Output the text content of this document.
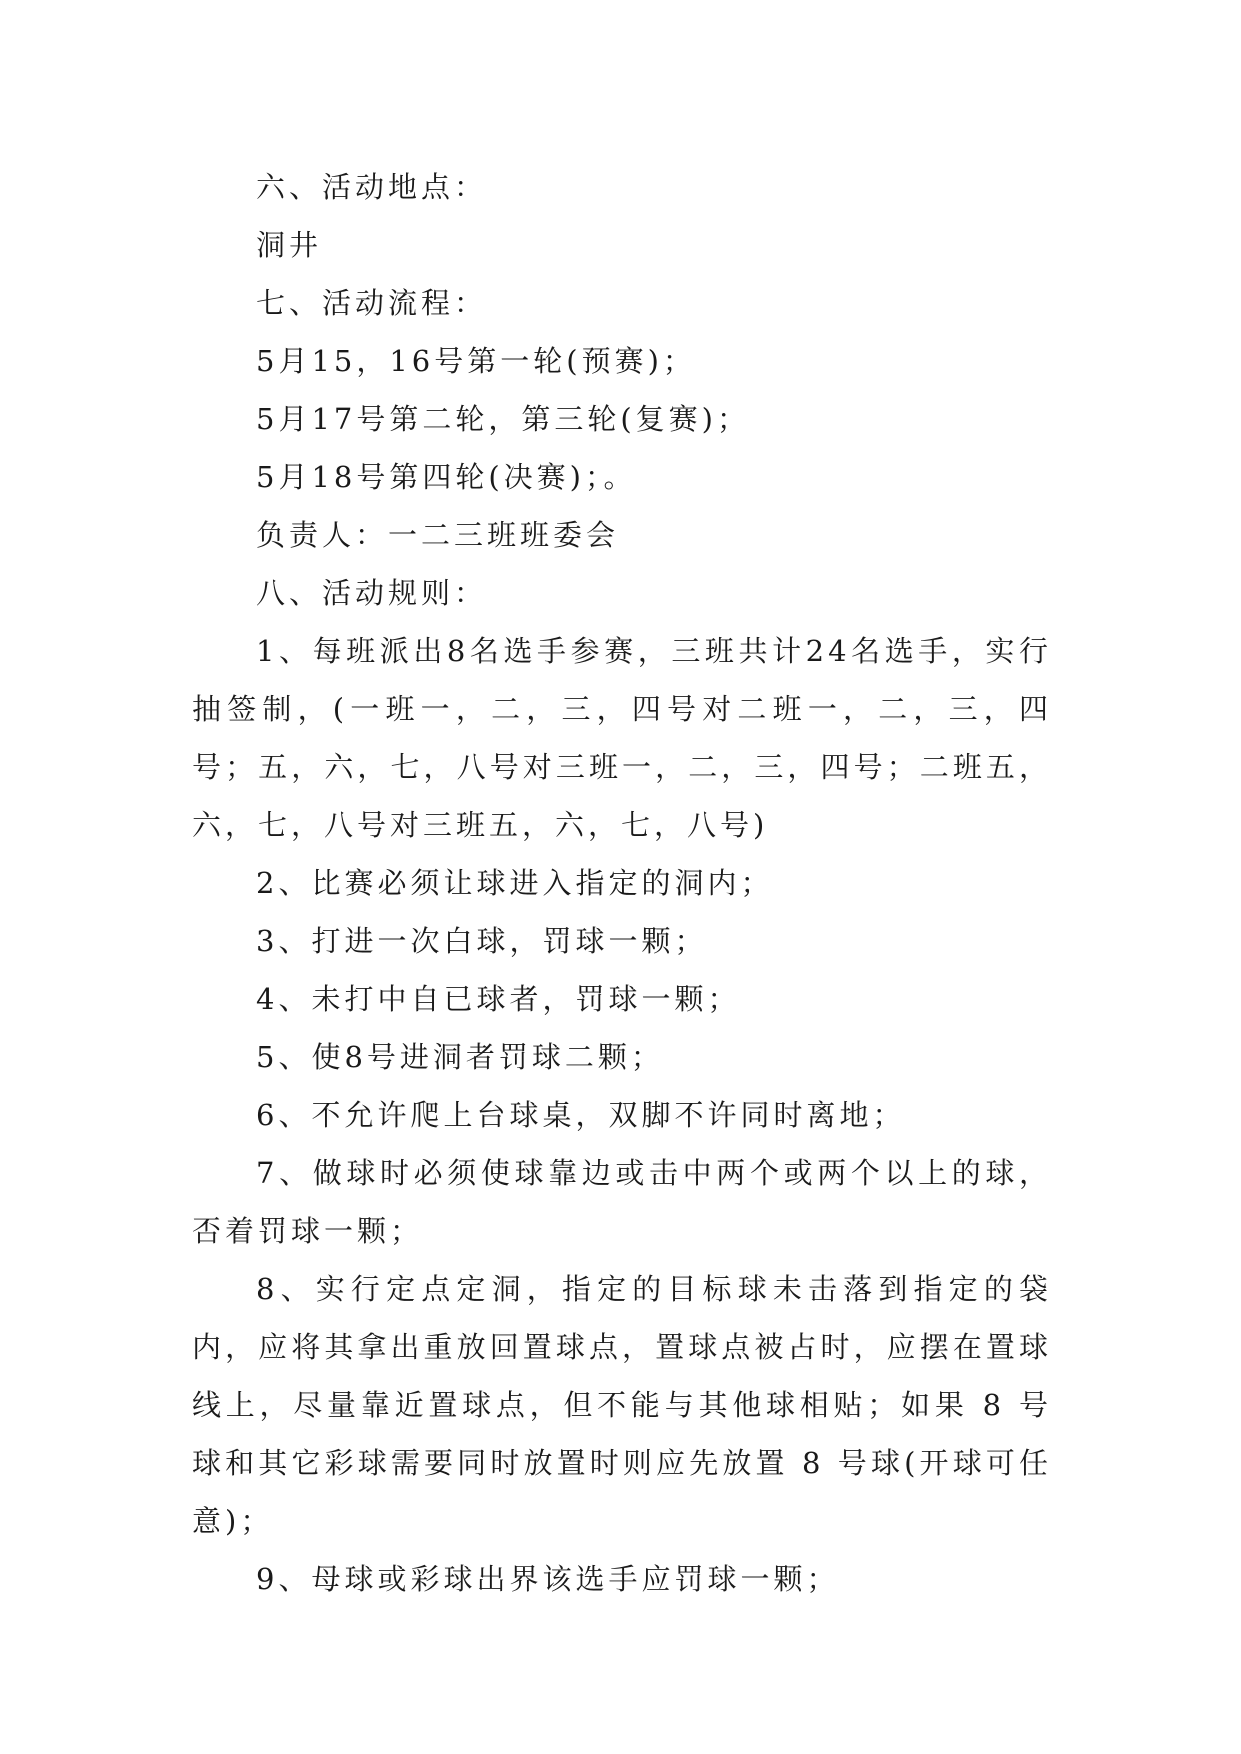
六、活动地点：

洞井

七、活动流程：

5月15，16号第一轮(预赛)；

5月17号第二轮，第三轮(复赛)；

5月18号第四轮(决赛)；。

负责人：一二三班班委会

八、活动规则：

1、每班派出8名选手参赛，三班共计24名选手，实行抽签制，(一班一，二，三，四号对二班一，二，三，四号；五，六，七，八号对三班一，二，三，四号；二班五，六，七，八号对三班五，六，七，八号)

2、比赛必须让球进入指定的洞内；

3、打进一次白球，罚球一颗；

4、未打中自已球者，罚球一颗；

5、使8号进洞者罚球二颗；

6、不允许爬上台球桌，双脚不许同时离地；

7、做球时必须使球靠边或击中两个或两个以上的球，否着罚球一颗；

8、实行定点定洞，指定的目标球未击落到指定的袋内，应将其拿出重放回置球点，置球点被占时，应摆在置球线上，尽量靠近置球点，但不能与其他球相贴；如果 8 号球和其它彩球需要同时放置时则应先放置 8 号球(开球可任意)；

9、母球或彩球出界该选手应罚球一颗；
